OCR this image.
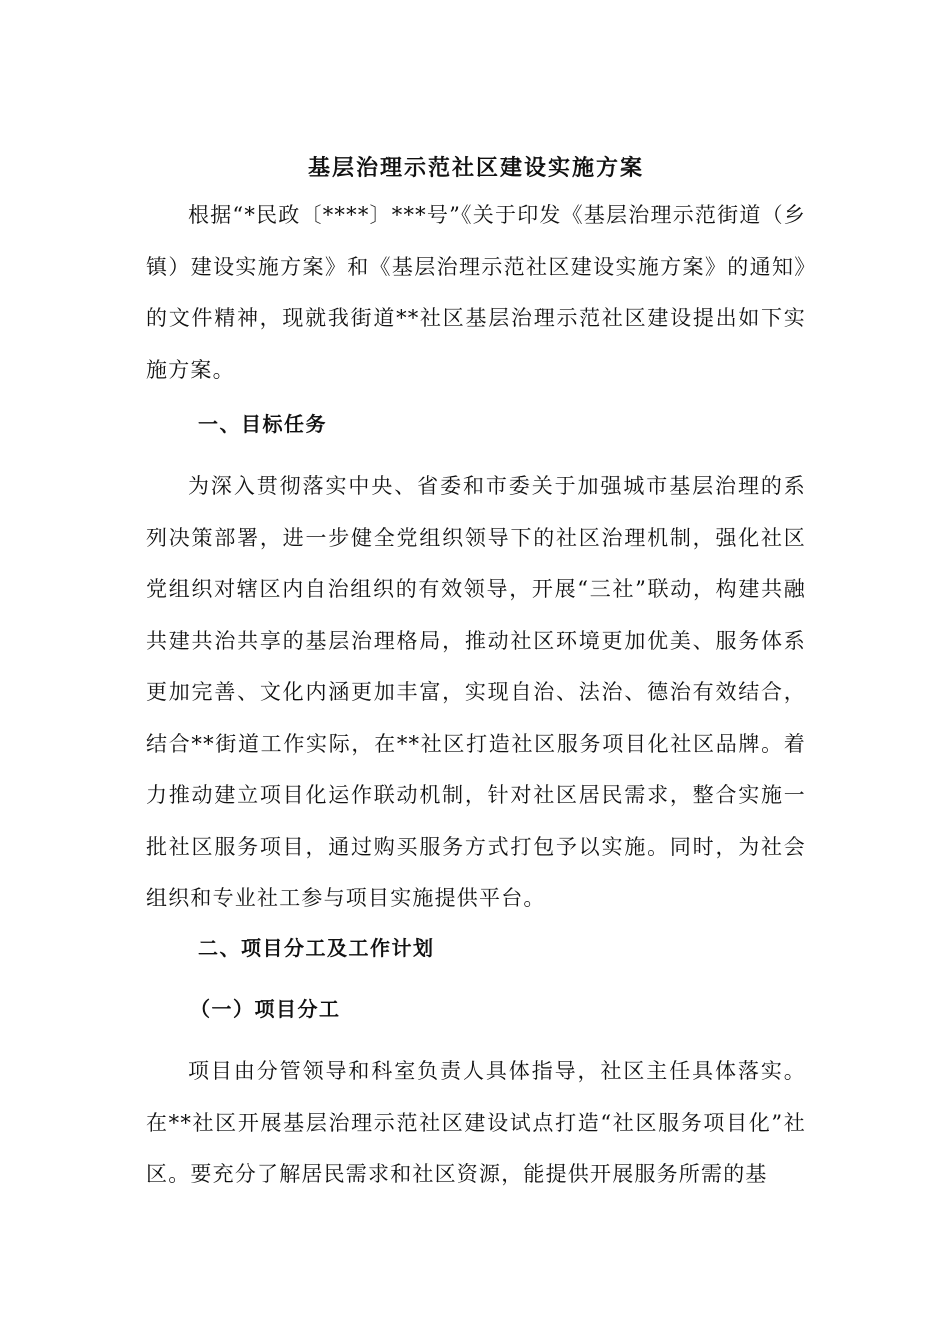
基层治理示范社区建设实施方案

根据“*民政〔****〕***号”《关于印发《基层治理示范街道（乡镇）建设实施方案》和《基层治理示范社区建设实施方案》的通知》的文件精神，现就我街道**社区基层治理示范社区建设提出如下实施方案。

一、目标任务

为深入贯彻落实中央、省委和市委关于加强城市基层治理的系列决策部署，进一步健全党组织领导下的社区治理机制，强化社区党组织对辖区内自治组织的有效领导，开展“三社”联动，构建共融共建共治共享的基层治理格局，推动社区环境更加优美、服务体系更加完善、文化内涵更加丰富，实现自治、法治、德治有效结合，结合**街道工作实际，在**社区打造社区服务项目化社区品牌。着力推动建立项目化运作联动机制，针对社区居民需求，整合实施一批社区服务项目，通过购买服务方式打包予以实施。同时，为社会组织和专业社工参与项目实施提供平台。

二、项目分工及工作计划
（一）项目分工

项目由分管领导和科室负责人具体指导，社区主任具体落实。在**社区开展基层治理示范社区建设试点打造“社区服务项目化”社区。要充分了解居民需求和社区资源，能提供开展服务所需的基
